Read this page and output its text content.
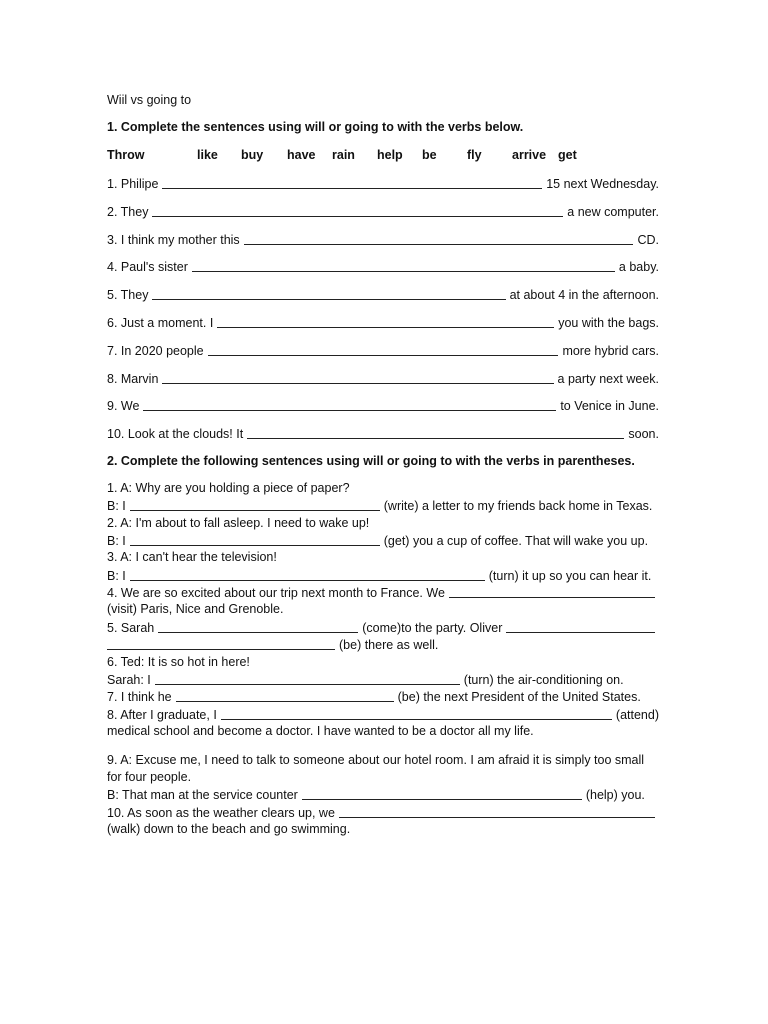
Wiil vs going to
1. Complete the sentences using will or going to with the verbs below.
Throw	like buy have rain help be fly arrive get
1. Philipe	15 next Wednesday.
2. They	a new computer.
3. I think my mother this	CD.
4. Paul's sister	a baby.
5. They	at about 4 in the afternoon.
6. Just a moment. I	you with the bags.
7. In 2020 people	more hybrid cars.
8. Marvin	a party next week.
9. We	to Venice in June.
10. Look at the clouds! It	soon.
2. Complete the following sentences using will or going to with the verbs in parentheses.
1. A: Why are you holding a piece of paper?
B: I	(write) a letter to my friends back home in Texas.
2. A: I'm about to fall asleep. I need to wake up!
B: I	(get) you a cup of coffee. That will wake you up.
3. A: I can't hear the television!
B: I	(turn) it up so you can hear it.
4. We are so excited about our trip next month to France. We
(visit) Paris, Nice and Grenoble.
5. Sarah	(come)to the party. Oliver
(be) there as well.
6. Ted: It is so hot in here!
Sarah: I	(turn) the air-conditioning on.
7. I think he	(be) the next President of the United States.
8. After I graduate, I	(attend)
medical school and become a doctor. I have wanted to be a doctor all my life.
9. A: Excuse me, I need to talk to someone about our hotel room. I am afraid it is simply too small for four people.
B: That man at the service counter	(help) you.
10. As soon as the weather clears up, we
(walk) down to the beach and go swimming.
